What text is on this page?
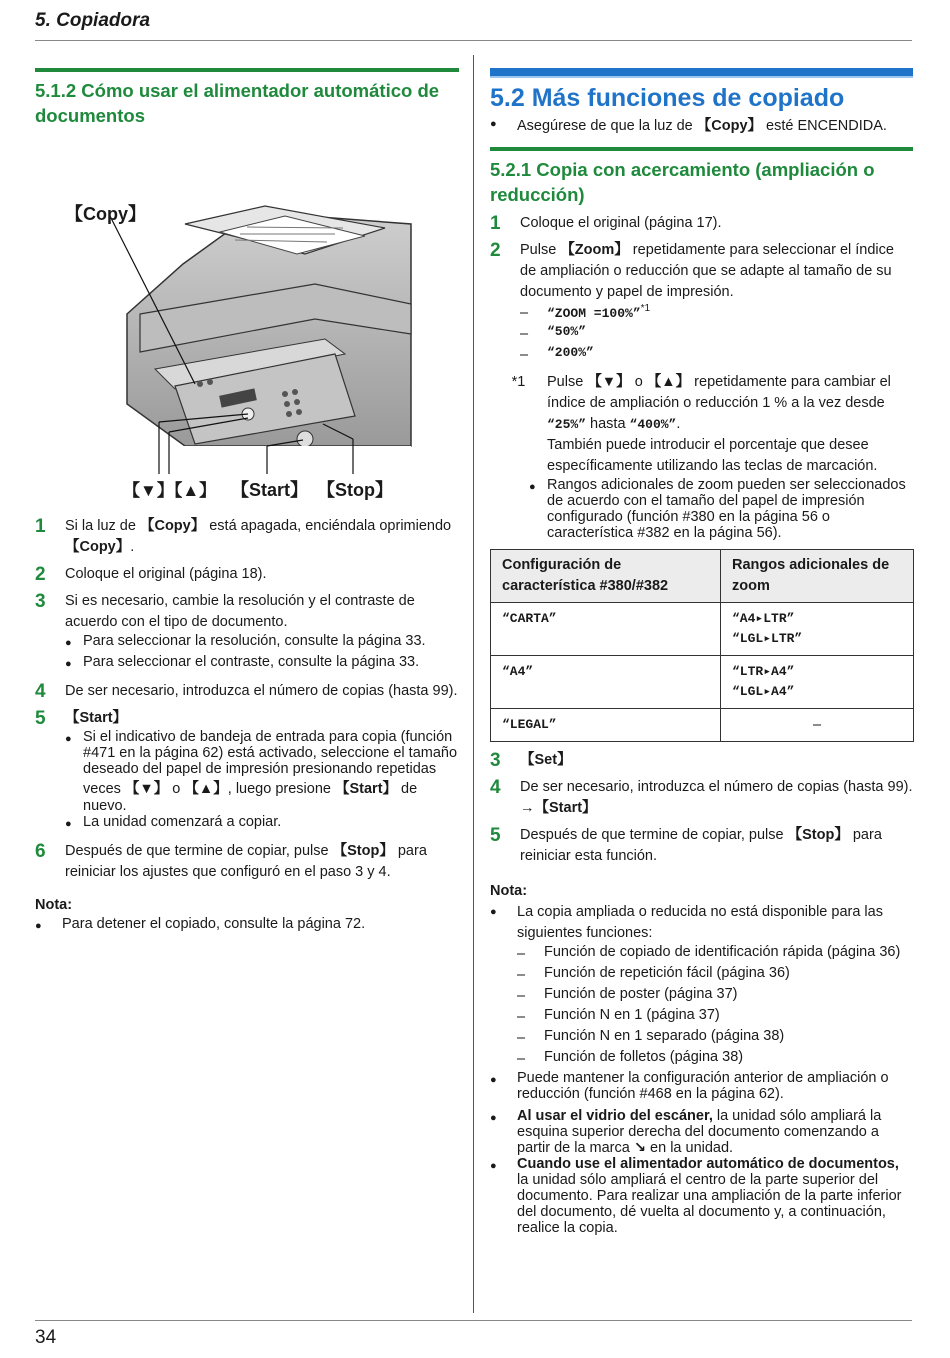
5. Copiadora
5.1.2 Cómo usar el alimentador automático de documentos
【Copy】
【▼】【▲】 【Start】 【Stop】
1	Si la luz de 【Copy】 está apagada, enciéndala oprimiendo 【Copy】.

2	Coloque el original (página 18).

3	Si es necesario, cambie la resolución y el contraste de acuerdo con el tipo de documento.

● Para seleccionar la resolución, consulte la página 33.
● Para seleccionar el contraste, consulte la página 33.
4	De ser necesario, introduzca el número de copias (hasta 99).

5	【Start】

● Si el indicativo de bandeja de entrada para copia (función #471 en la página 62) está activado, seleccione el tamaño deseado del papel de impresión presionando repetidas veces 【▼】 o 【▲】, luego presione 【Start】 de nuevo.
● La unidad comenzará a copiar.
6	Después de que termine de copiar, pulse 【Stop】 para reiniciar los ajustes que configuró en el paso 3 y 4.

Nota:
●	Para detener el copiado, consulte la página 72.
5.2 Más funciones de copiado
●	Asegúrese de que la luz de 【Copy】 esté ENCENDIDA.
5.2.1 Copia con acercamiento (ampliación o reducción)
1	Coloque el original (página 17).

2	Pulse 【Zoom】 repetidamente para seleccionar el índice de ampliación o reducción que se adapte al tamaño de su documento y papel de impresión.

–	“ZOOM =100%”$^{*1}$
–	“50%”
–	“200%”
*1	Pulse 【▼】 o 【▲】 repetidamente para cambiar el índice de ampliación o reducción 1 % a la vez desde “25%” hasta “400%”.

También puede introducir el porcentaje que desee específicamente utilizando las teclas de marcación.

● Rangos adicionales de zoom pueden ser seleccionados de acuerdo con el tamaño del papel de impresión configurado (función #380 en la página 56 o característica #382 en la página 56).
Configuración de característica #380/#382	Rangos adicionales de zoom
“CARTA”	“A4▸LTR”
“LGL▸LTR”

“A4”	“LTR▸A4”
“LGL▸A4”

“LEGAL”	–
3	【Set】

4	De ser necesario, introduzca el número de copias (hasta 99).

→【Start】

5	Después de que termine de copiar, pulse 【Stop】 para reiniciar esta función.

Nota:
●	La copia ampliada o reducida no está disponible para las siguientes funciones:

–	Función de copiado de identificación rápida (página 36)
–	Función de repetición fácil (página 36)
–	Función de poster (página 37)
–	Función N en 1 (página 37)
–	Función N en 1 separado (página 38)
–	Función de folletos (página 38)
●	Puede mantener la configuración anterior de ampliación o reducción (función #468 en la página 62).
●	Al usar el vidrio del escáner, la unidad sólo ampliará la esquina superior derecha del documento comenzando a partir de la marca ↘ en la unidad.
●	Cuando use el alimentador automático de documentos, la unidad sólo ampliará el centro de la parte superior del documento. Para realizar una ampliación de la parte inferior del documento, dé vuelta al documento y, a continuación, realice la copia.
34
